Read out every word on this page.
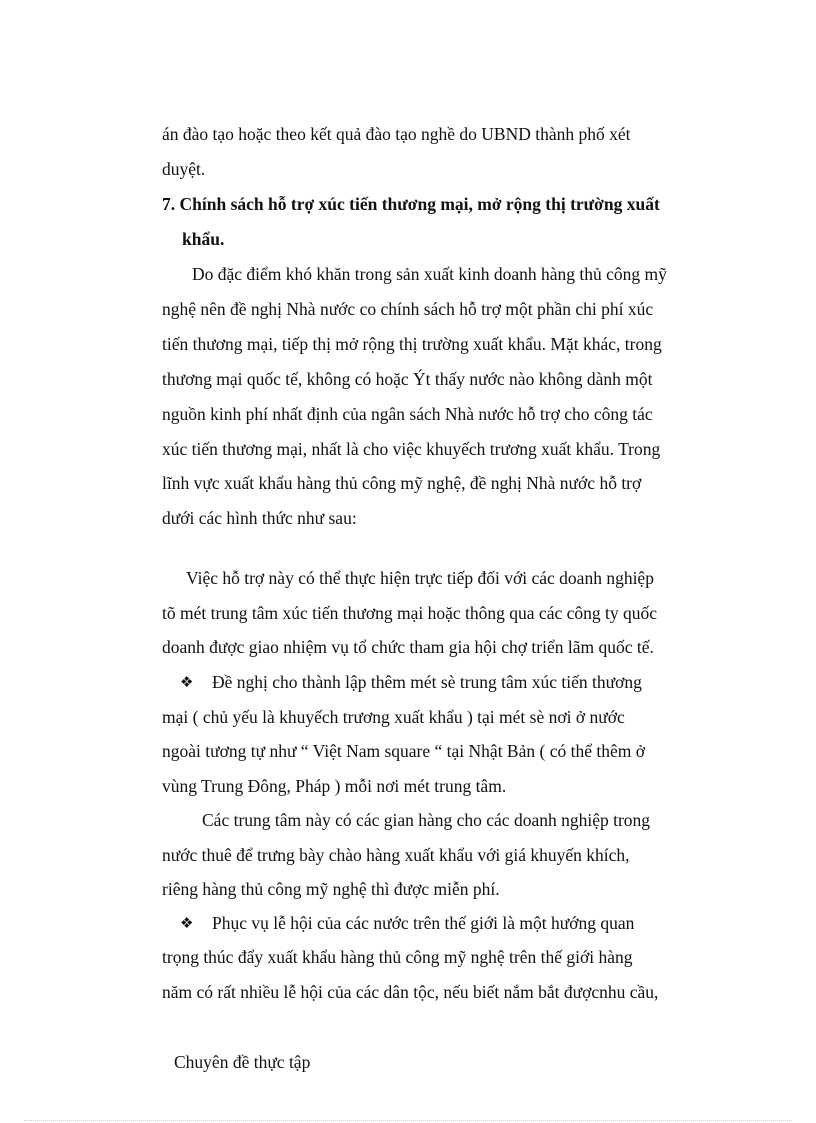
án đào tạo hoặc theo kết quả đào tạo nghề do UBND thành phố xét
duyệt.
7. Chính sách hỗ trợ xúc tiến thương mại, mở rộng thị trường xuất
khẩu.
Do đặc điểm khó khăn trong sản xuất kinh doanh hàng thủ công mỹ
nghệ nên đề nghị Nhà nước co chính sách hỗ trợ một phần chi phí xúc
tiến thương mại, tiếp thị mở rộng thị trường xuất khẩu. Mặt khác, trong
thương mại quốc tế, không có hoặc Ýt thấy nước nào không dành một
nguồn kinh phí nhất định của ngân sách Nhà nước hỗ trợ cho công tác
xúc tiến thương mại, nhất là cho việc khuyếch trương xuất khẩu. Trong
lĩnh vực xuất khẩu hàng thủ công mỹ nghệ, đề nghị Nhà nước hỗ trợ
dưới các hình thức như sau:
Việc hỗ trợ này có thể thực hiện trực tiếp đối với các doanh nghiệp
tõ mét trung tâm xúc tiến thương mại hoặc thông qua các công ty quốc
doanh được giao nhiệm vụ tổ chức tham gia hội chợ triển lãm quốc tế.
❖ Đề nghị cho thành lập thêm mét sè trung tâm xúc tiến thương
mại ( chủ yếu là khuyếch trương xuất khẩu ) tại mét sè nơi ở nước
ngoài tương tự như “ Việt Nam square “ tại Nhật Bản ( có thể thêm ở
vùng Trung Đông, Pháp ) mỗi nơi mét trung tâm.
Các trung tâm này có các gian hàng cho các doanh nghiệp trong
nước thuê để trưng bày chào hàng xuất khẩu với giá khuyến khích,
riêng hàng thủ công mỹ nghệ thì được miễn phí.
❖ Phục vụ lễ hội của các nước trên thế giới là một hướng quan
trọng thúc đẩy xuất khẩu hàng thủ công mỹ nghệ trên thế giới hàng
năm có rất nhiều lễ hội của các dân tộc, nếu biết nắm bắt đượcnhu cầu,
Chuyên đề thực tập
